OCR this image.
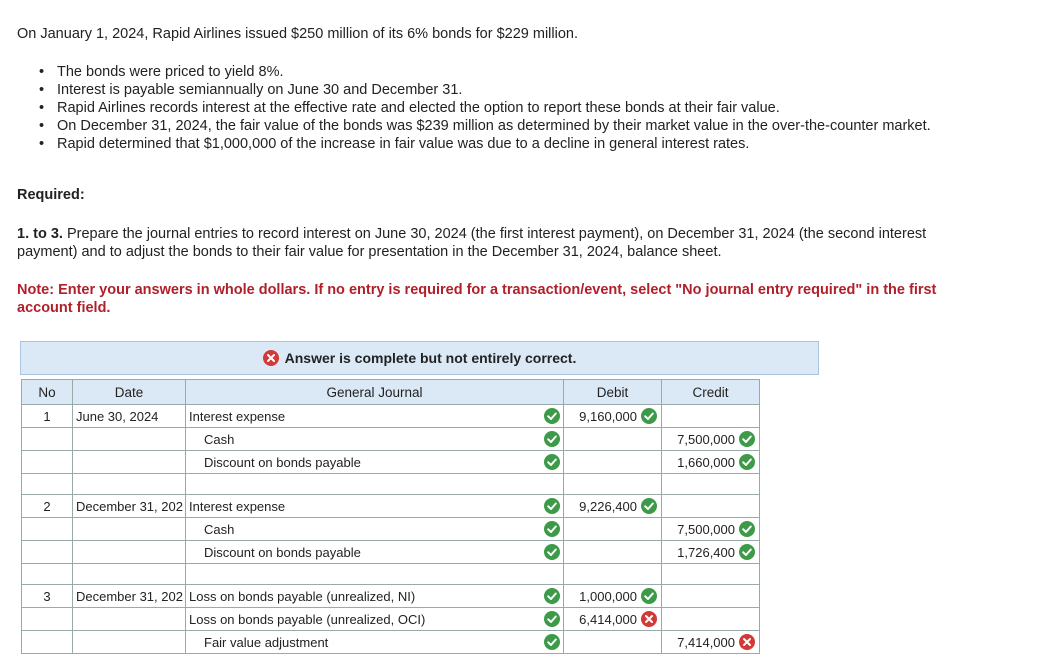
On January 1, 2024, Rapid Airlines issued $250 million of its 6% bonds for $229 million.
• The bonds were priced to yield 8%.
• Interest is payable semiannually on June 30 and December 31.
• Rapid Airlines records interest at the effective rate and elected the option to report these bonds at their fair value.
• On December 31, 2024, the fair value of the bonds was $239 million as determined by their market value in the over-the-counter market.
• Rapid determined that $1,000,000 of the increase in fair value was due to a decline in general interest rates.
Required:
1. to 3. Prepare the journal entries to record interest on June 30, 2024 (the first interest payment), on December 31, 2024 (the second interest payment) and to adjust the bonds to their fair value for presentation in the December 31, 2024, balance sheet.
Note: Enter your answers in whole dollars. If no entry is required for a transaction/event, select "No journal entry required" in the first account field.
Answer is complete but not entirely correct.
No	Date	General Journal	Debit	Credit
1	June 30, 2024	Interest expense	9,160,000

		Cash		7,500,000

		Discount on bonds payable		1,660,000

2	December 31, 202	Interest expense	9,226,400

		Cash		7,500,000

		Discount on bonds payable		1,726,400

3	December 31, 202	Loss on bonds payable (unrealized, NI)	1,000,000

		Loss on bonds payable (unrealized, OCI)	6,414,000

		Fair value adjustment		7,414,000
